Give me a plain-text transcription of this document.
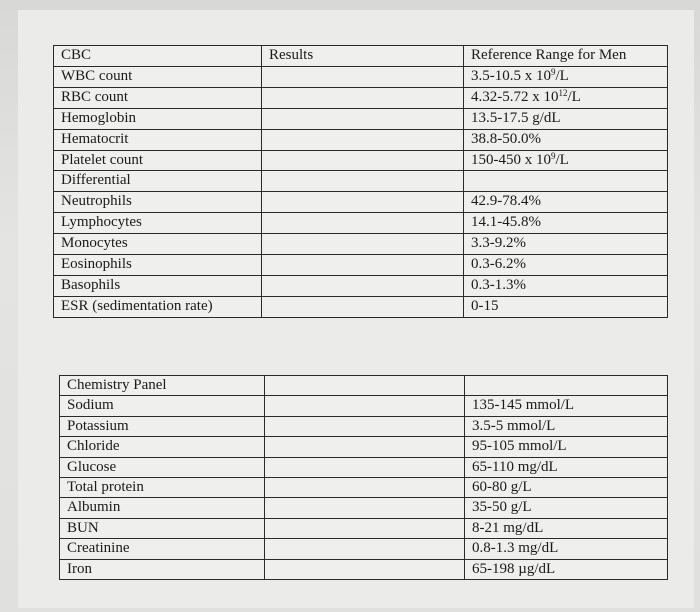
CBC	Results	Reference Range for Men
WBC count		3.5-10.5 x $10^9/L$
RBC count		4.32-5.72 x $10^{12}/L$
Hemoglobin		13.5-17.5 g/dL
Hematocrit		38.8-50.0%
Platelet count		150-450 x $10^9/L$
Differential		
Neutrophils		42.9-78.4%
Lymphocytes		14.1-45.8%
Monocytes		3.3-9.2%
Eosinophils		0.3-6.2%
Basophils		0.3-1.3%
ESR (sedimentation rate)		0-15
Chemistry Panel		
Sodium		135-145 mmol/L
Potassium		3.5-5 mmol/L
Chloride		95-105 mmol/L
Glucose		65-110 mg/dL
Total protein		60-80 g/L
Albumin		35-50 g/L
BUN		8-21 mg/dL
Creatinine		0.8-1.3 mg/dL
Iron		65-198 µg/dL
